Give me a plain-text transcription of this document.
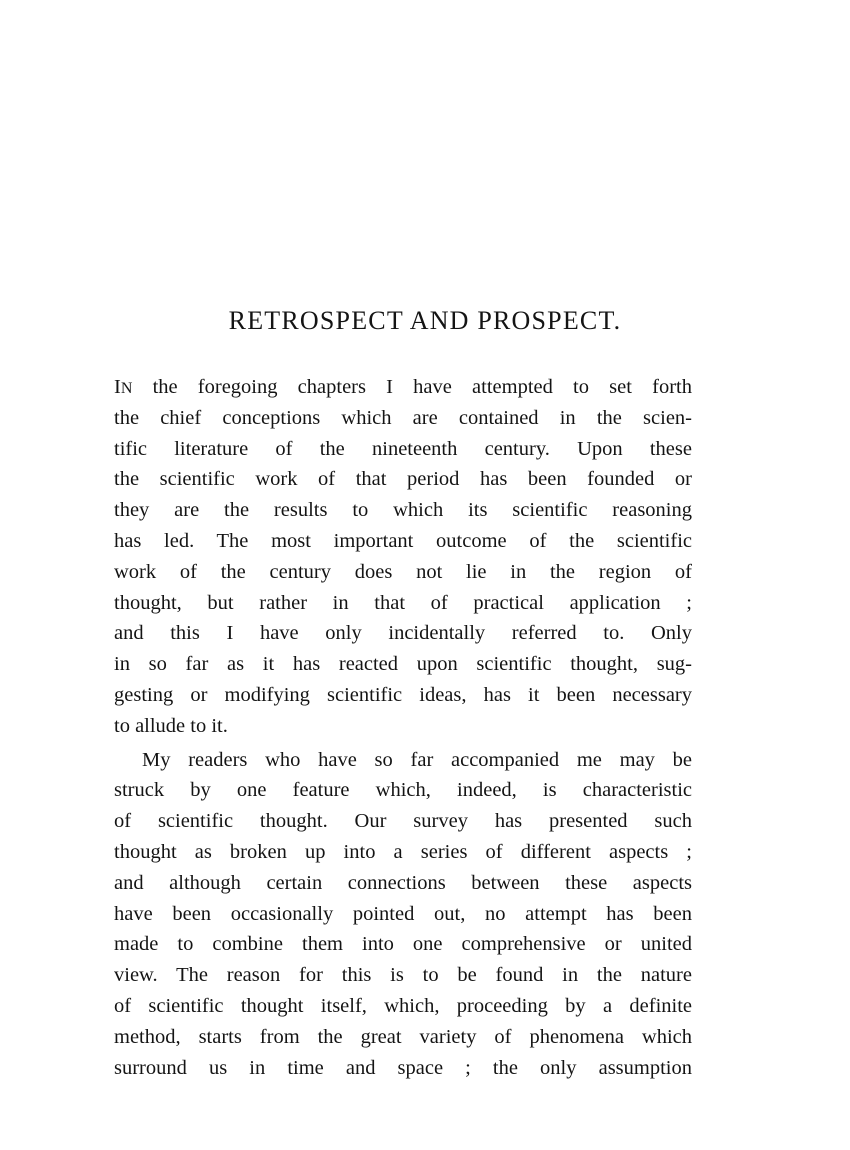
RETROSPECT AND PROSPECT.
IN the foregoing chapters I have attempted to set forth
the chief conceptions which are contained in the scien-
tific literature of the nineteenth century. Upon these
the scientific work of that period has been founded or
they are the results to which its scientific reasoning
has led. The most important outcome of the scientific
work of the century does not lie in the region of
thought, but rather in that of practical application ;
and this I have only incidentally referred to. Only
in so far as it has reacted upon scientific thought, sug-
gesting or modifying scientific ideas, has it been necessary
to allude to it.
My readers who have so far accompanied me may be
struck by one feature which, indeed, is characteristic
of scientific thought. Our survey has presented such
thought as broken up into a series of different aspects ;
and although certain connections between these aspects
have been occasionally pointed out, no attempt has been
made to combine them into one comprehensive or united
view. The reason for this is to be found in the nature
of scientific thought itself, which, proceeding by a definite
method, starts from the great variety of phenomena which
surround us in time and space ; the only assumption
